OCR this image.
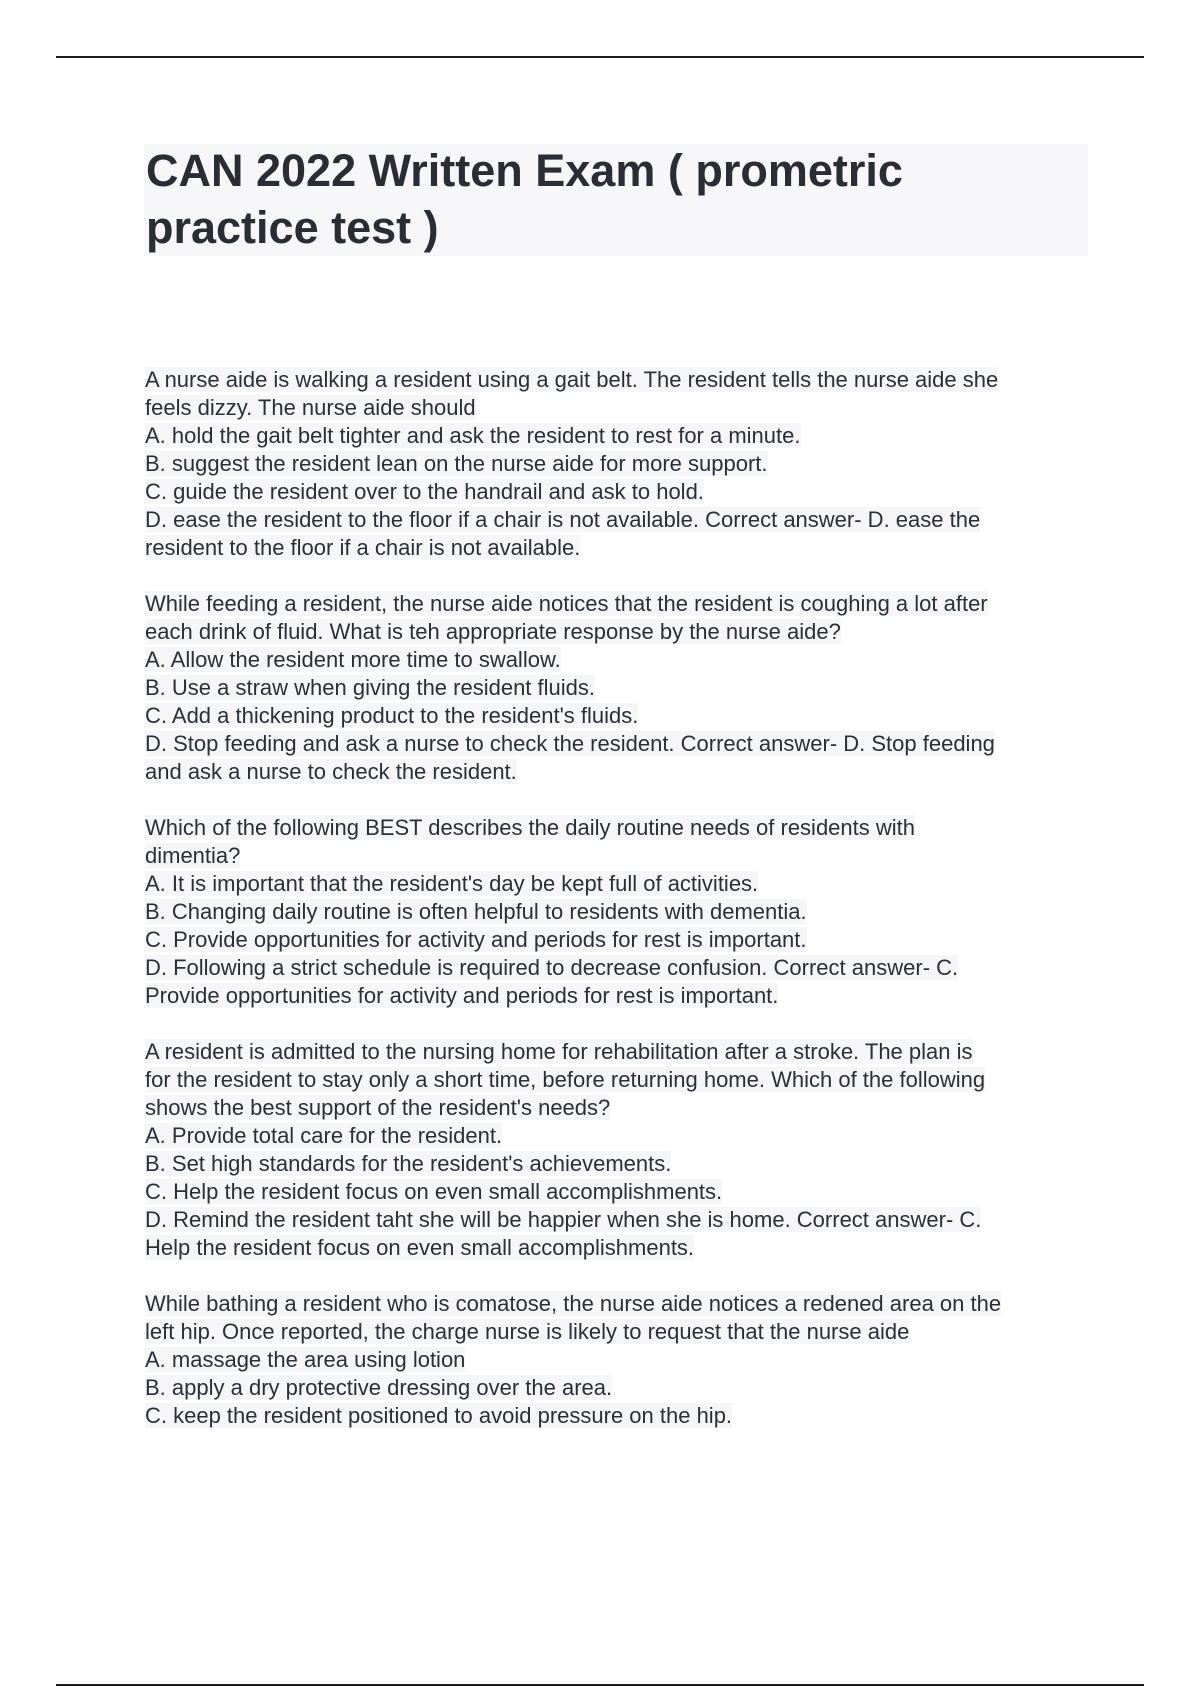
CAN 2022 Written Exam ( prometric
practice test )
A nurse aide is walking a resident using a gait belt. The resident tells the nurse aide she
feels dizzy. The nurse aide should
A. hold the gait belt tighter and ask the resident to rest for a minute.
B. suggest the resident lean on the nurse aide for more support.
C. guide the resident over to the handrail and ask to hold.
D. ease the resident to the floor if a chair is not available. Correct answer- D. ease the
resident to the floor if a chair is not available.
While feeding a resident, the nurse aide notices that the resident is coughing a lot after
each drink of fluid. What is teh appropriate response by the nurse aide?
A. Allow the resident more time to swallow.
B. Use a straw when giving the resident fluids.
C. Add a thickening product to the resident's fluids.
D. Stop feeding and ask a nurse to check the resident. Correct answer- D. Stop feeding
and ask a nurse to check the resident.
Which of the following BEST describes the daily routine needs of residents with
dimentia?
A. It is important that the resident's day be kept full of activities.
B. Changing daily routine is often helpful to residents with dementia.
C. Provide opportunities for activity and periods for rest is important.
D. Following a strict schedule is required to decrease confusion. Correct answer- C.
Provide opportunities for activity and periods for rest is important.
A resident is admitted to the nursing home for rehabilitation after a stroke. The plan is
for the resident to stay only a short time, before returning home. Which of the following
shows the best support of the resident's needs?
A. Provide total care for the resident.
B. Set high standards for the resident's achievements.
C. Help the resident focus on even small accomplishments.
D. Remind the resident taht she will be happier when she is home. Correct answer- C.
Help the resident focus on even small accomplishments.
While bathing a resident who is comatose, the nurse aide notices a redened area on the
left hip. Once reported, the charge nurse is likely to request that the nurse aide
A. massage the area using lotion
B. apply a dry protective dressing over the area.
C. keep the resident positioned to avoid pressure on the hip.
